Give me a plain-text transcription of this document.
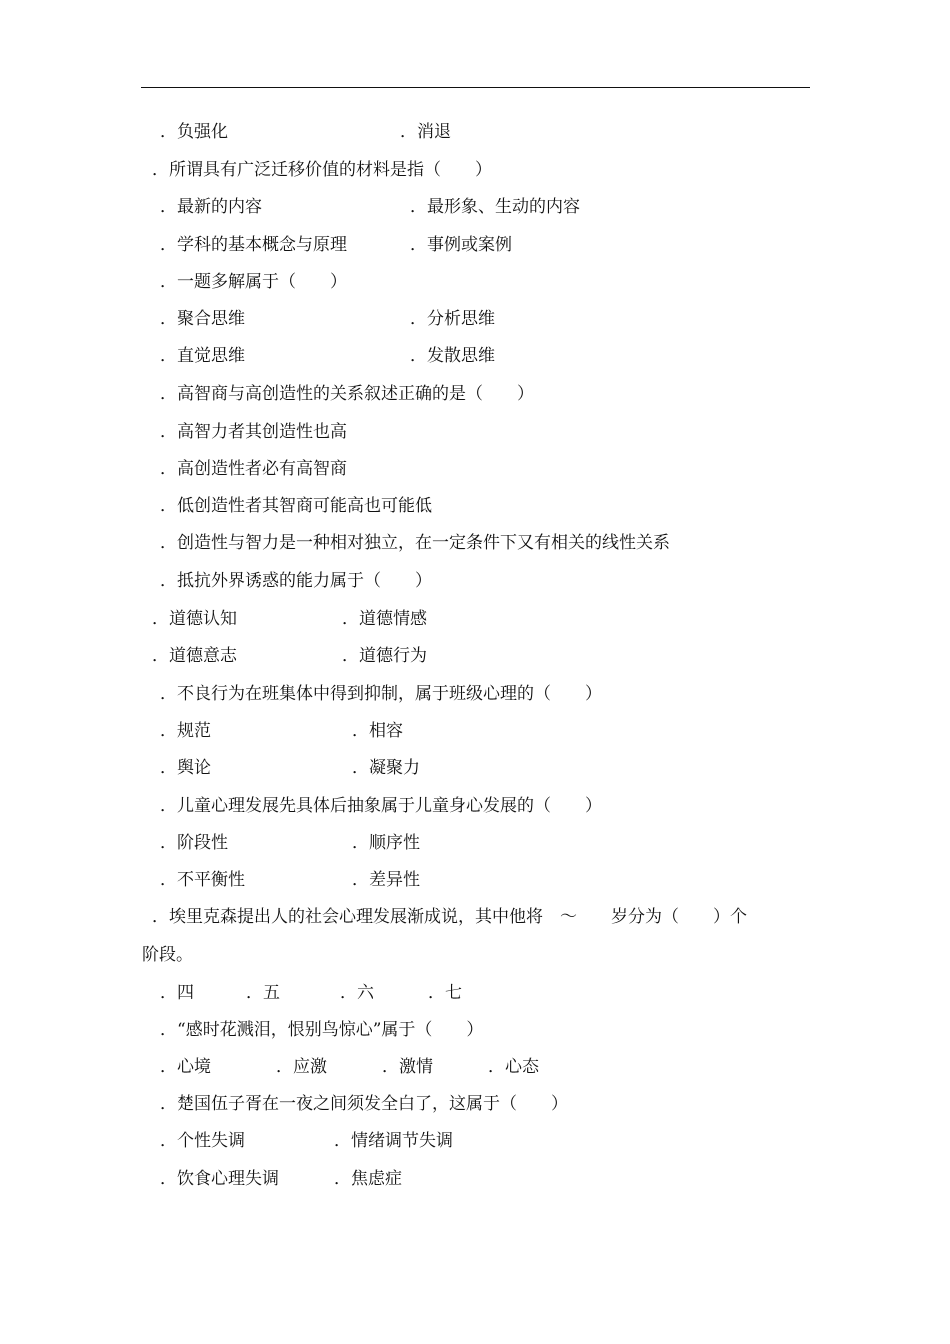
．负强化	．消退
．所谓具有广泛迁移价值的材料是指（　　）
．最新的内容	．最形象、生动的内容
．学科的基本概念与原理	．事例或案例
．一题多解属于（　　）
．聚合思维	．分析思维
．直觉思维	．发散思维
．高智商与高创造性的关系叙述正确的是（　　）
．高智力者其创造性也高
．高创造性者必有高智商
．低创造性者其智商可能高也可能低
．创造性与智力是一种相对独立，在一定条件下又有相关的线性关系
．抵抗外界诱惑的能力属于（　　）
．道德认知	．道德情感
．道德意志	．道德行为
．不良行为在班集体中得到抑制，属于班级心理的（　　）
．规范	．相容
．舆论	．凝聚力
．儿童心理发展先具体后抽象属于儿童身心发展的（　　）
．阶段性	．顺序性
．不平衡性	．差异性
．埃里克森提出人的社会心理发展渐成说，其中他将　～　　岁分为（　　）个
阶段。
．四	．五	．六	．七
．“感时花溅泪，恨别鸟惊心”属于（　　）
．心境	．应激	．激情	．心态
．楚国伍子胥在一夜之间须发全白了，这属于（　　）
．个性失调	．情绪调节失调
．饮食心理失调	．焦虑症
